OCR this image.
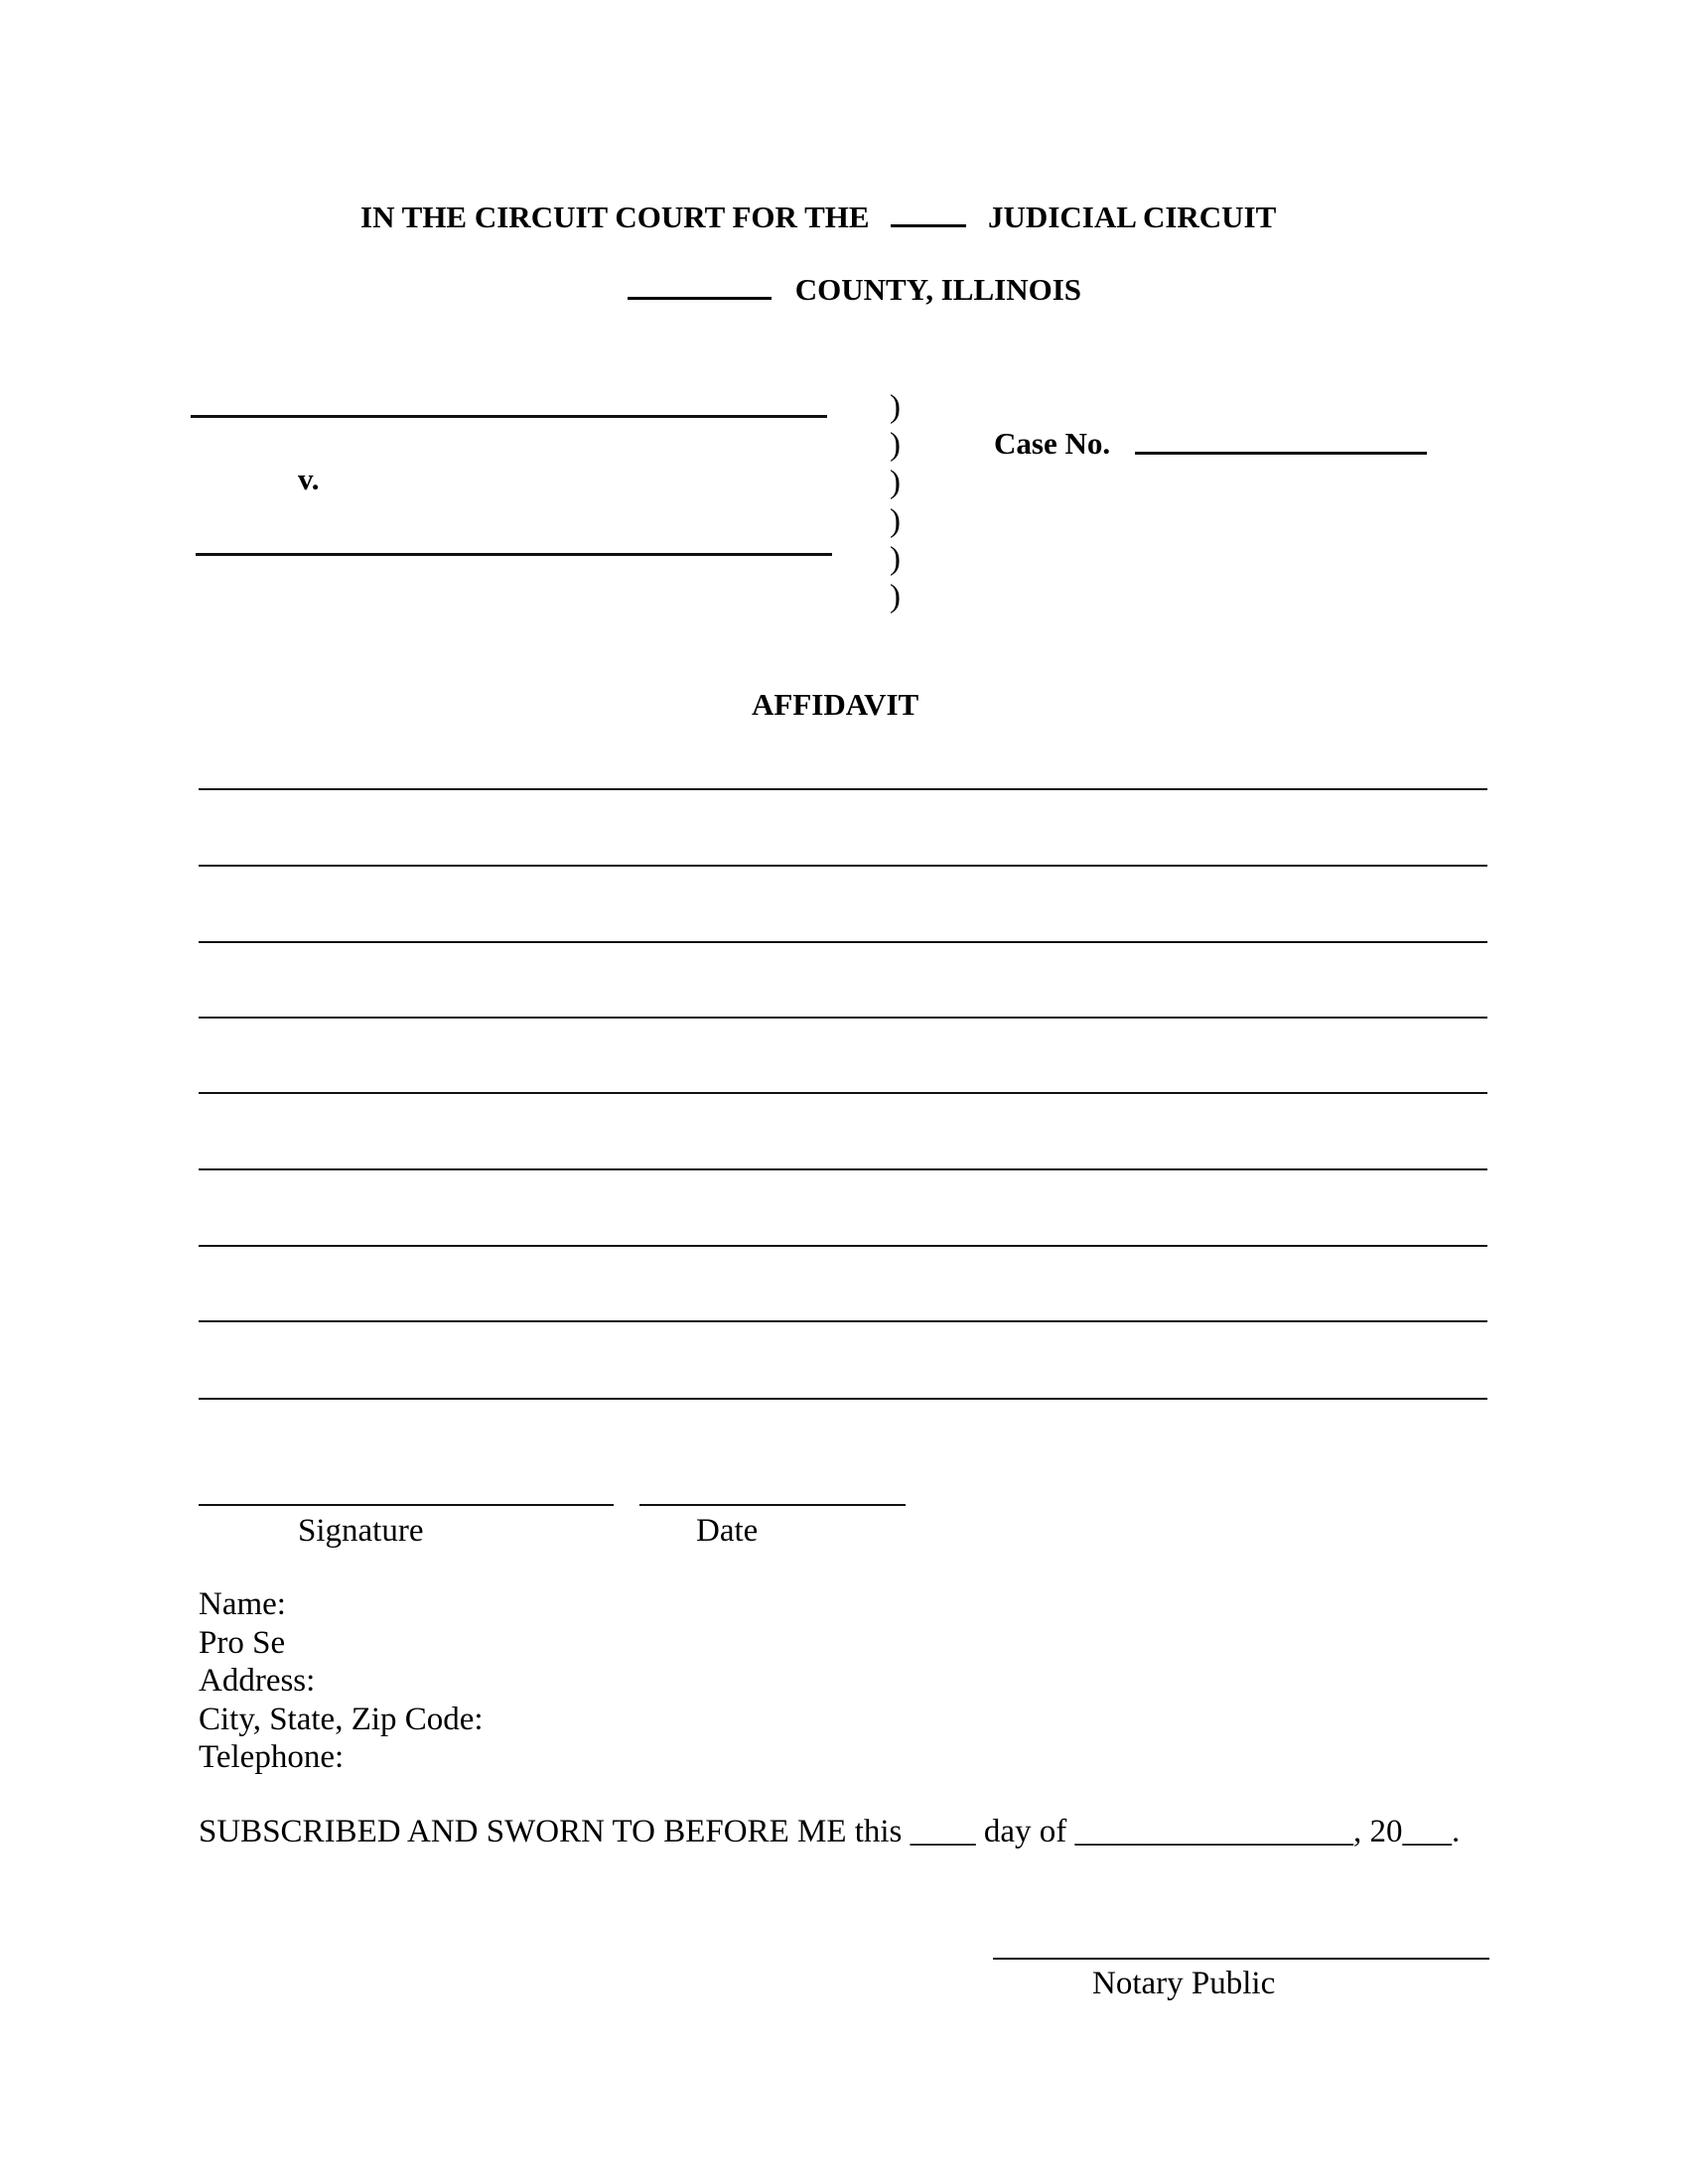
IN THE CIRCUIT COURT FOR THE	JUDICIAL CIRCUIT
COUNTY, ILLINOIS
v.
)
)
)
)
)
)
Case No.
AFFIDAVIT
Signature	Date
Name:
Pro Se
Address:
City, State, Zip Code:
Telephone:
SUBSCRIBED AND SWORN TO BEFORE ME this ____ day of _________________, 20___.
Notary Public
